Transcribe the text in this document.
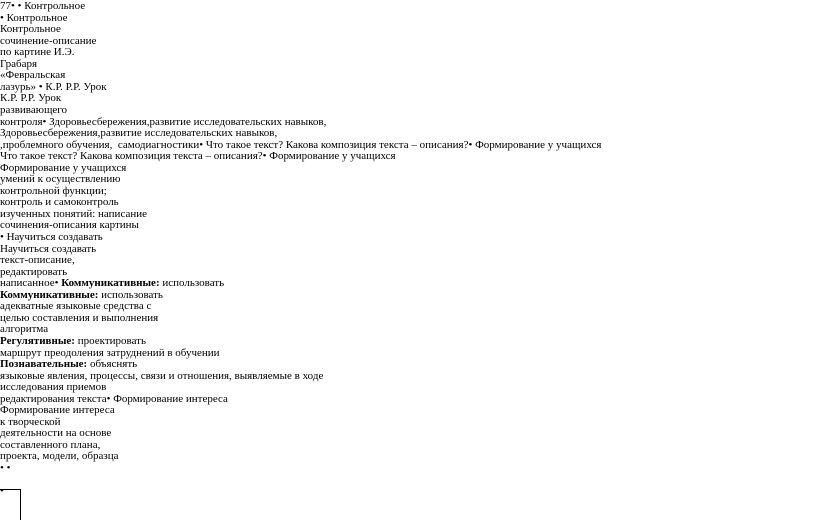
77• • Контрольное
• Контрольное
Контрольное
сочинение-описание
по картине И.Э.
Грабаря
«Февральская
лазурь» • К.Р. Р.Р. Урок
К.Р. Р.Р. Урок
развивающего
контроля• Здоровьесбережения,развитие исследовательских навыков,
Здоровьесбережения,развитие исследовательских навыков,
,проблемного обучения,  самодиагностики• Что такое текст? Какова композиция текста – описания?• Формирование у учащихся
Что такое текст? Какова композиция текста – описания?• Формирование у учащихся
Формирование у учащихся
умений к осуществлению
контрольной функции;
контроль и самоконтроль
изученных понятий: написание
сочинения-описания картины
• Научиться создавать
Научиться создавать
текст-описание,
редактировать
написанное• Коммуникативные: использовать
Коммуникативные: использовать
адекватные языковые средства с
целью составления и выполнения
алгоритма
Регулятивные: проектировать
маршрут преодоления затруднений в обучении
Познавательные: объяснять
языковые явления, процессы, связи и отношения, выявляемые в ходе
исследования приемов
редактирования текста• Формирование интереса
Формирование интереса
к творческой
деятельности на основе
составленного плана,
проекта, модели, образца
• •
•
